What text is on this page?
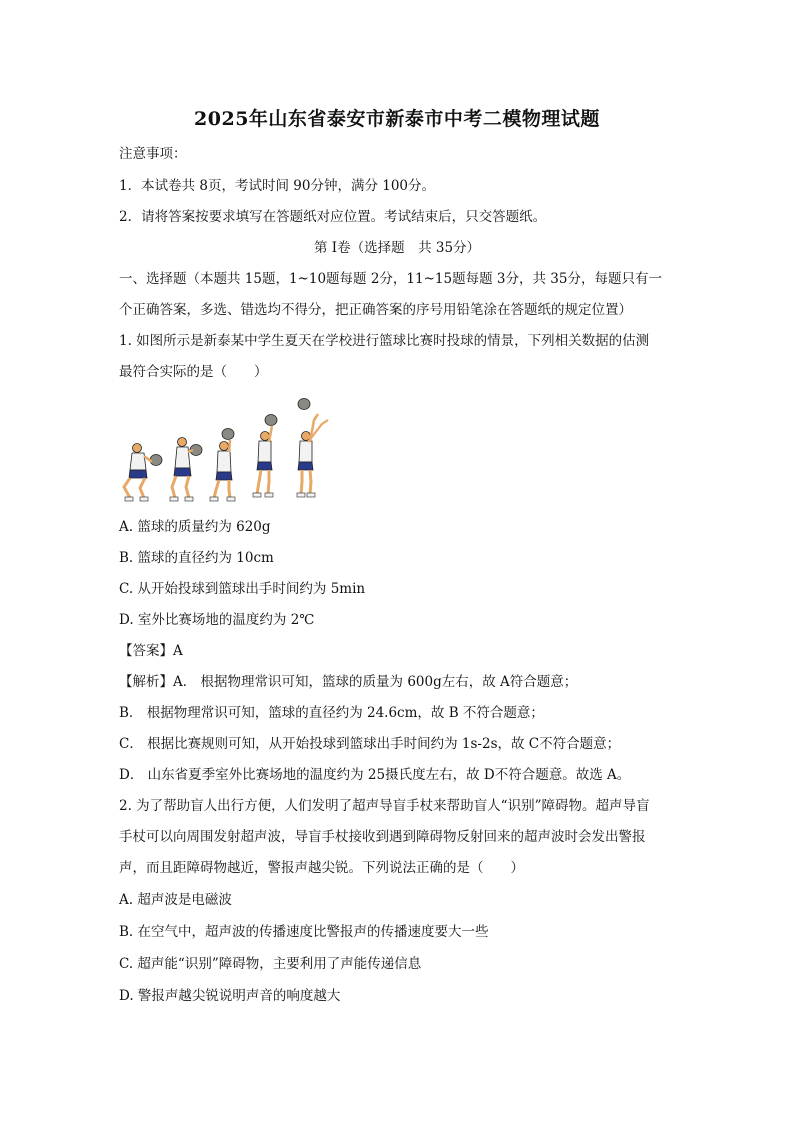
2025年山东省泰安市新泰市中考二模物理试题
注意事项：
1．本试卷共 8页，考试时间 90分钟，满分 100分。
2．请将答案按要求填写在答题纸对应位置。考试结束后，只交答题纸。
第 I卷（选择题　共 35分）
一、选择题（本题共 15题，1~10题每题 2分，11~15题每题 3分，共 35分，每题只有一
个正确答案，多选、错选均不得分，把正确答案的序号用铅笔涂在答题纸的规定位置）
1. 如图所示是新泰某中学生夏天在学校进行篮球比赛时投球的情景，下列相关数据的估测
最符合实际的是（　　）
A. 篮球的质量约为 620g
B. 篮球的直径约为 10cm
C. 从开始投球到篮球出手时间约为 5min
D. 室外比赛场地的温度约为 2℃
【答案】A
【解析】A． 根据物理常识可知，篮球的质量为 600g左右，故 A符合题意；
B． 根据物理常识可知，篮球的直径约为 24.6cm，故 B 不符合题意；
C． 根据比赛规则可知，从开始投球到篮球出手时间约为 1s-2s，故 C不符合题意；
D． 山东省夏季室外比赛场地的温度约为 25摄氏度左右，故 D不符合题意。故选 A。
2. 为了帮助盲人出行方便，人们发明了超声导盲手杖来帮助盲人“识别”障碍物。超声导盲
手杖可以向周围发射超声波，导盲手杖接收到遇到障碍物反射回来的超声波时会发出警报
声，而且距障碍物越近，警报声越尖锐。下列说法正确的是（　　）
A. 超声波是电磁波
B. 在空气中，超声波的传播速度比警报声的传播速度要大一些
C. 超声能“识别”障碍物，主要利用了声能传递信息
D. 警报声越尖锐说明声音的响度越大
